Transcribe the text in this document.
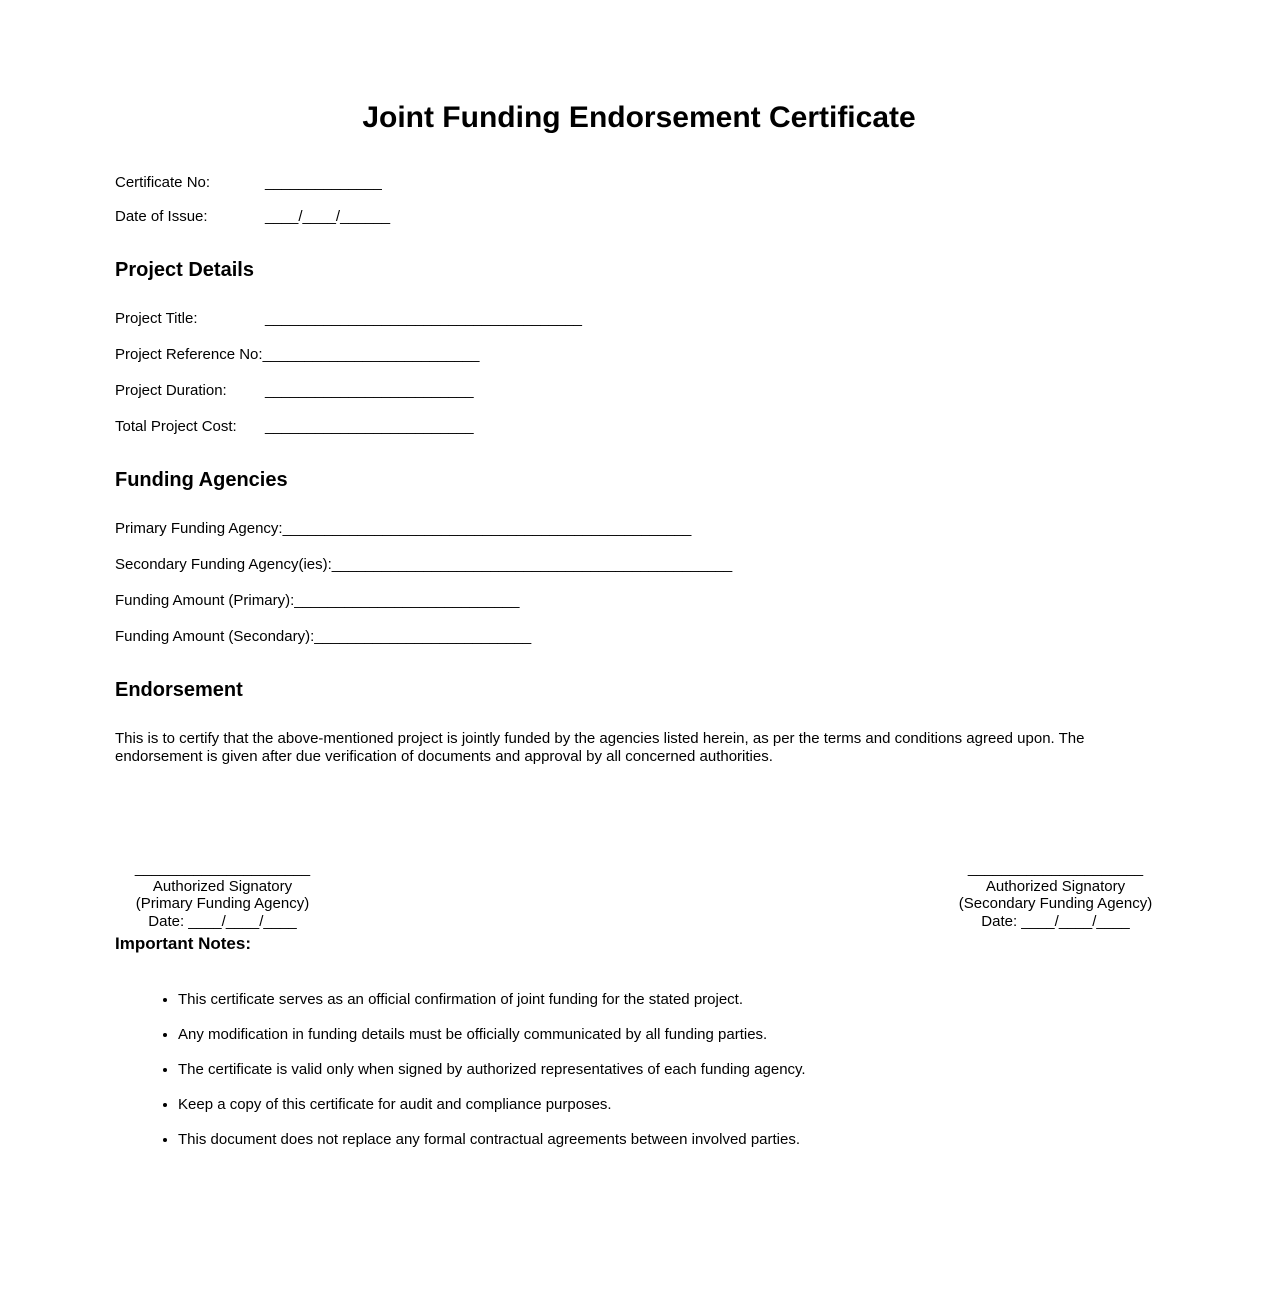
Joint Funding Endorsement Certificate
Certificate No:	______________
Date of Issue:	____/____/______
Project Details
Project Title:	______________________________________
Project Reference No:__________________________
Project Duration:	_________________________
Total Project Cost: _________________________
Funding Agencies
Primary Funding Agency:_________________________________________________
Secondary Funding Agency(ies):________________________________________________
Funding Amount (Primary):___________________________
Funding Amount (Secondary):__________________________
Endorsement

This is to certify that the above-mentioned project is jointly funded by the agencies listed herein, as per the terms and conditions agreed upon. The endorsement is given after due verification of documents and approval by all concerned authorities.

_____________________
Authorized Signatory
(Primary Funding Agency)
Date: ____/____/____
_____________________
Authorized Signatory
(Secondary Funding Agency)
Date: ____/____/____
Important Notes:
• This certificate serves as an official confirmation of joint funding for the stated project.
• Any modification in funding details must be officially communicated by all funding parties.
• The certificate is valid only when signed by authorized representatives of each funding agency.
• Keep a copy of this certificate for audit and compliance purposes.
• This document does not replace any formal contractual agreements between involved parties.
